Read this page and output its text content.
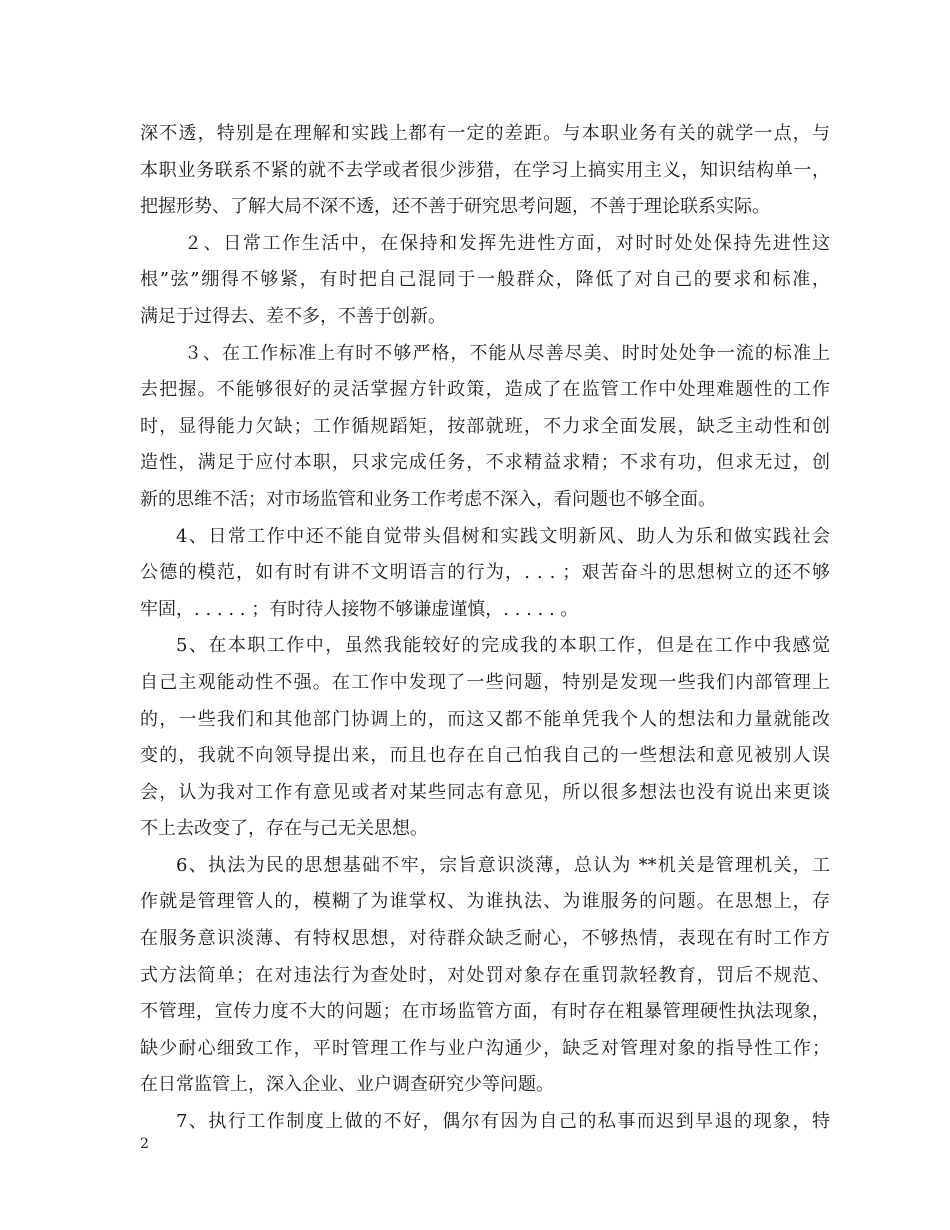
深不透，特别是在理解和实践上都有一定的差距。与本职业务有关的就学一点，与
本职业务联系不紧的就不去学或者很少涉猎，在学习上搞实用主义，知识结构单一，
把握形势、了解大局不深不透，还不善于研究思考问题，不善于理论联系实际。
２、日常工作生活中，在保持和发挥先进性方面，对时时处处保持先进性这
根”弦”绷得不够紧，有时把自己混同于一般群众，降低了对自己的要求和标准，
满足于过得去、差不多，不善于创新。
３、在工作标准上有时不够严格，不能从尽善尽美、时时处处争一流的标准上
去把握。不能够很好的灵活掌握方针政策，造成了在监管工作中处理难题性的工作
时，显得能力欠缺；工作循规蹈矩，按部就班，不力求全面发展，缺乏主动性和创
造性，满足于应付本职，只求完成任务，不求精益求精；不求有功，但求无过，创
新的思维不活；对市场监管和业务工作考虑不深入，看问题也不够全面。
4、日常工作中还不能自觉带头倡树和实践文明新风、助人为乐和做实践社会
公德的模范，如有时有讲不文明语言的行为，. . . ；艰苦奋斗的思想树立的还不够
牢固，. . . . . ；有时待人接物不够谦虚谨慎，. . . . . 。
5、在本职工作中，虽然我能较好的完成我的本职工作，但是在工作中我感觉
自己主观能动性不强。在工作中发现了一些问题，特别是发现一些我们内部管理上
的，一些我们和其他部门协调上的，而这又都不能单凭我个人的想法和力量就能改
变的，我就不向领导提出来，而且也存在自己怕我自己的一些想法和意见被别人误
会，认为我对工作有意见或者对某些同志有意见，所以很多想法也没有说出来更谈
不上去改变了，存在与己无关思想。
6、执法为民的思想基础不牢，宗旨意识淡薄，总认为 **机关是管理机关，工
作就是管理管人的，模糊了为谁掌权、为谁执法、为谁服务的问题。在思想上，存
在服务意识淡薄、有特权思想，对待群众缺乏耐心，不够热情，表现在有时工作方
式方法简单；在对违法行为查处时，对处罚对象存在重罚款轻教育，罚后不规范、
不管理，宣传力度不大的问题；在市场监管方面，有时存在粗暴管理硬性执法现象，
缺少耐心细致工作，平时管理工作与业户沟通少，缺乏对管理对象的指导性工作；
在日常监管上，深入企业、业户调查研究少等问题。
7、执行工作制度上做的不好，偶尔有因为自己的私事而迟到早退的现象，特
2
